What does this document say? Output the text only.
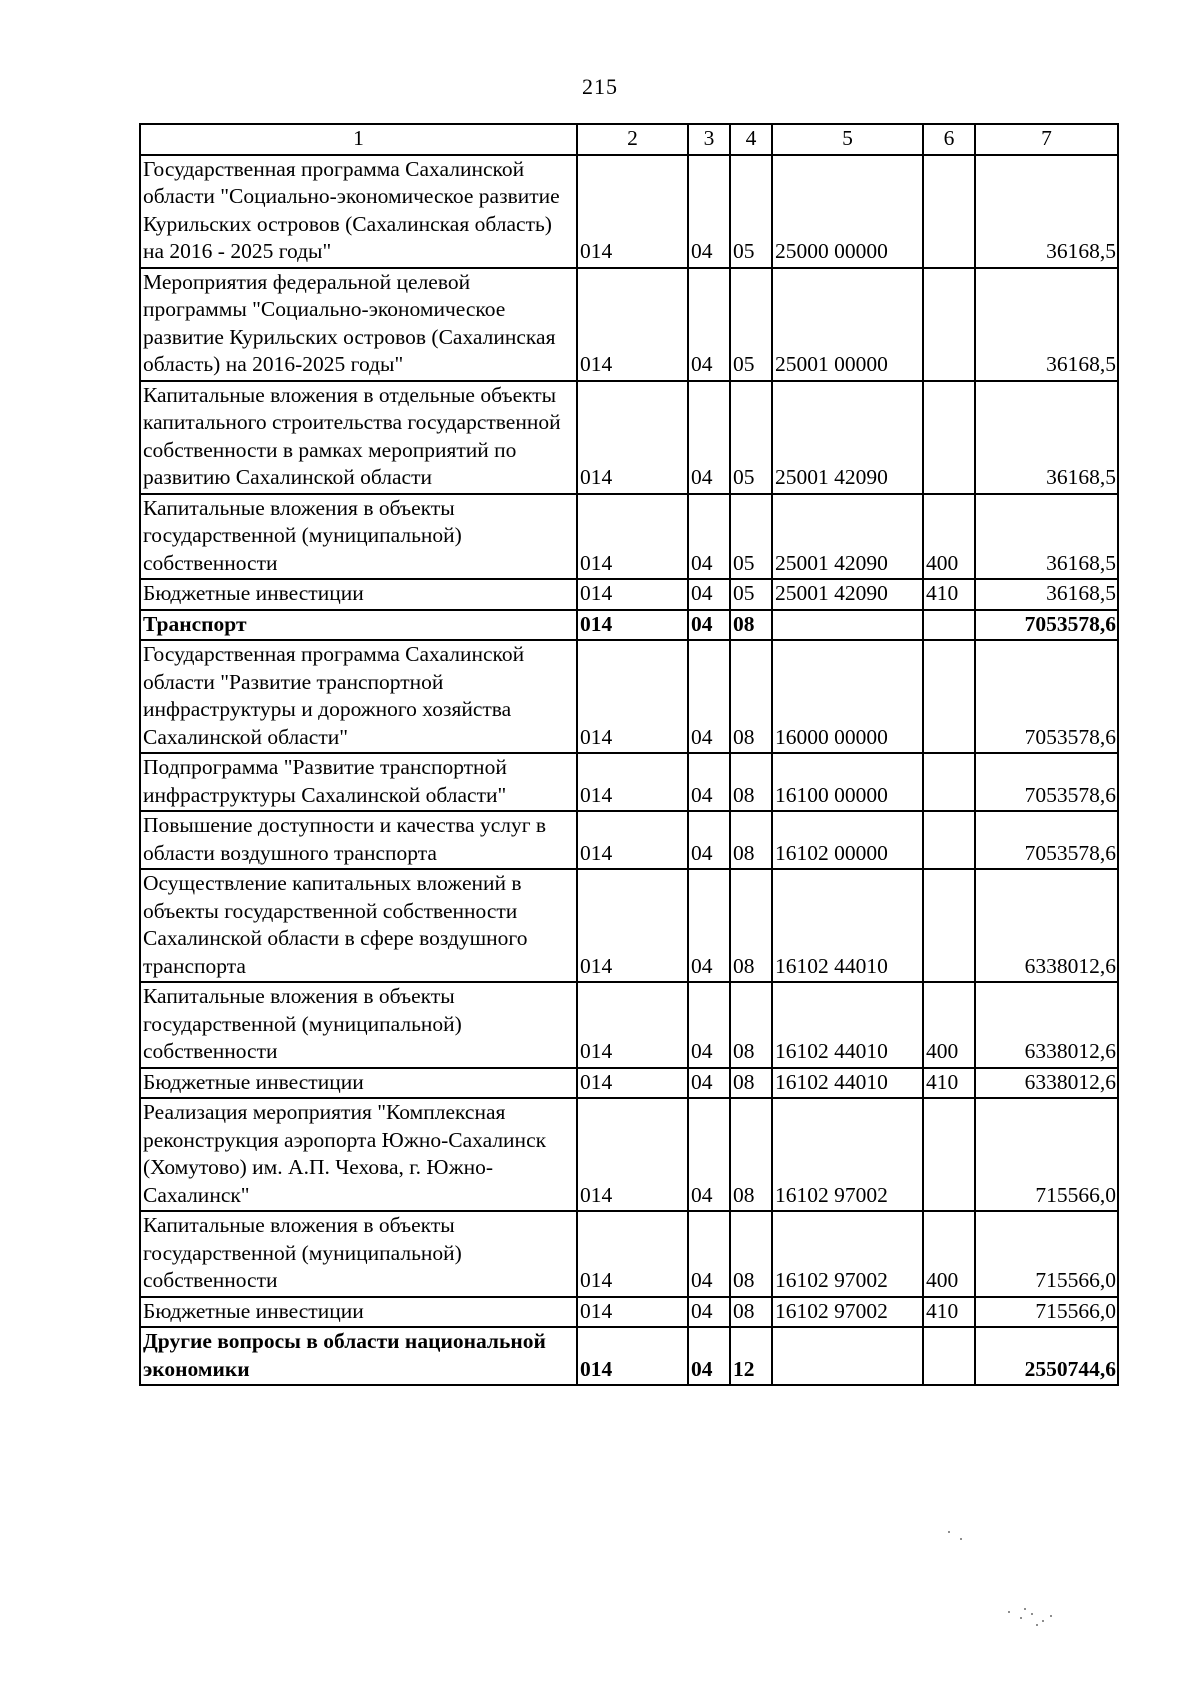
215
1	2	3	4	5	6	7
Государственная программа Сахалинской области "Социально-экономическое развитие Курильских островов (Сахалинская область) на 2016 - 2025 годы"	014	04	05	25000 00000		36168,5
Мероприятия федеральной целевой программы "Социально-экономическое развитие Курильских островов (Сахалинская область) на 2016-2025 годы"	014	04	05	25001 00000		36168,5
Капитальные вложения в отдельные объекты капитального строительства государственной собственности в рамках мероприятий по развитию Сахалинской области	014	04	05	25001 42090		36168,5
Капитальные вложения в объекты государственной (муниципальной) собственности	014	04	05	25001 42090	400	36168,5
Бюджетные инвестиции	014	04	05	25001 42090	410	36168,5
Транспорт	014	04	08			7053578,6
Государственная программа Сахалинской области "Развитие транспортной инфраструктуры и дорожного хозяйства Сахалинской области"	014	04	08	16000 00000		7053578,6
Подпрограмма "Развитие транспортной инфраструктуры Сахалинской области"	014	04	08	16100 00000		7053578,6
Повышение доступности и качества услуг в области воздушного транспорта	014	04	08	16102 00000		7053578,6
Осуществление капитальных вложений в объекты государственной собственности Сахалинской области в сфере воздушного транспорта	014	04	08	16102 44010		6338012,6
Капитальные вложения в объекты государственной (муниципальной) собственности	014	04	08	16102 44010	400	6338012,6
Бюджетные инвестиции	014	04	08	16102 44010	410	6338012,6
Реализация мероприятия "Комплексная реконструкция аэропорта Южно-Сахалинск (Хомутово) им. А.П. Чехова, г. Южно-Сахалинск"	014	04	08	16102 97002		715566,0
Капитальные вложения в объекты государственной (муниципальной) собственности	014	04	08	16102 97002	400	715566,0
Бюджетные инвестиции	014	04	08	16102 97002	410	715566,0
Другие вопросы в области национальной экономики	014	04	12			2550744,6
